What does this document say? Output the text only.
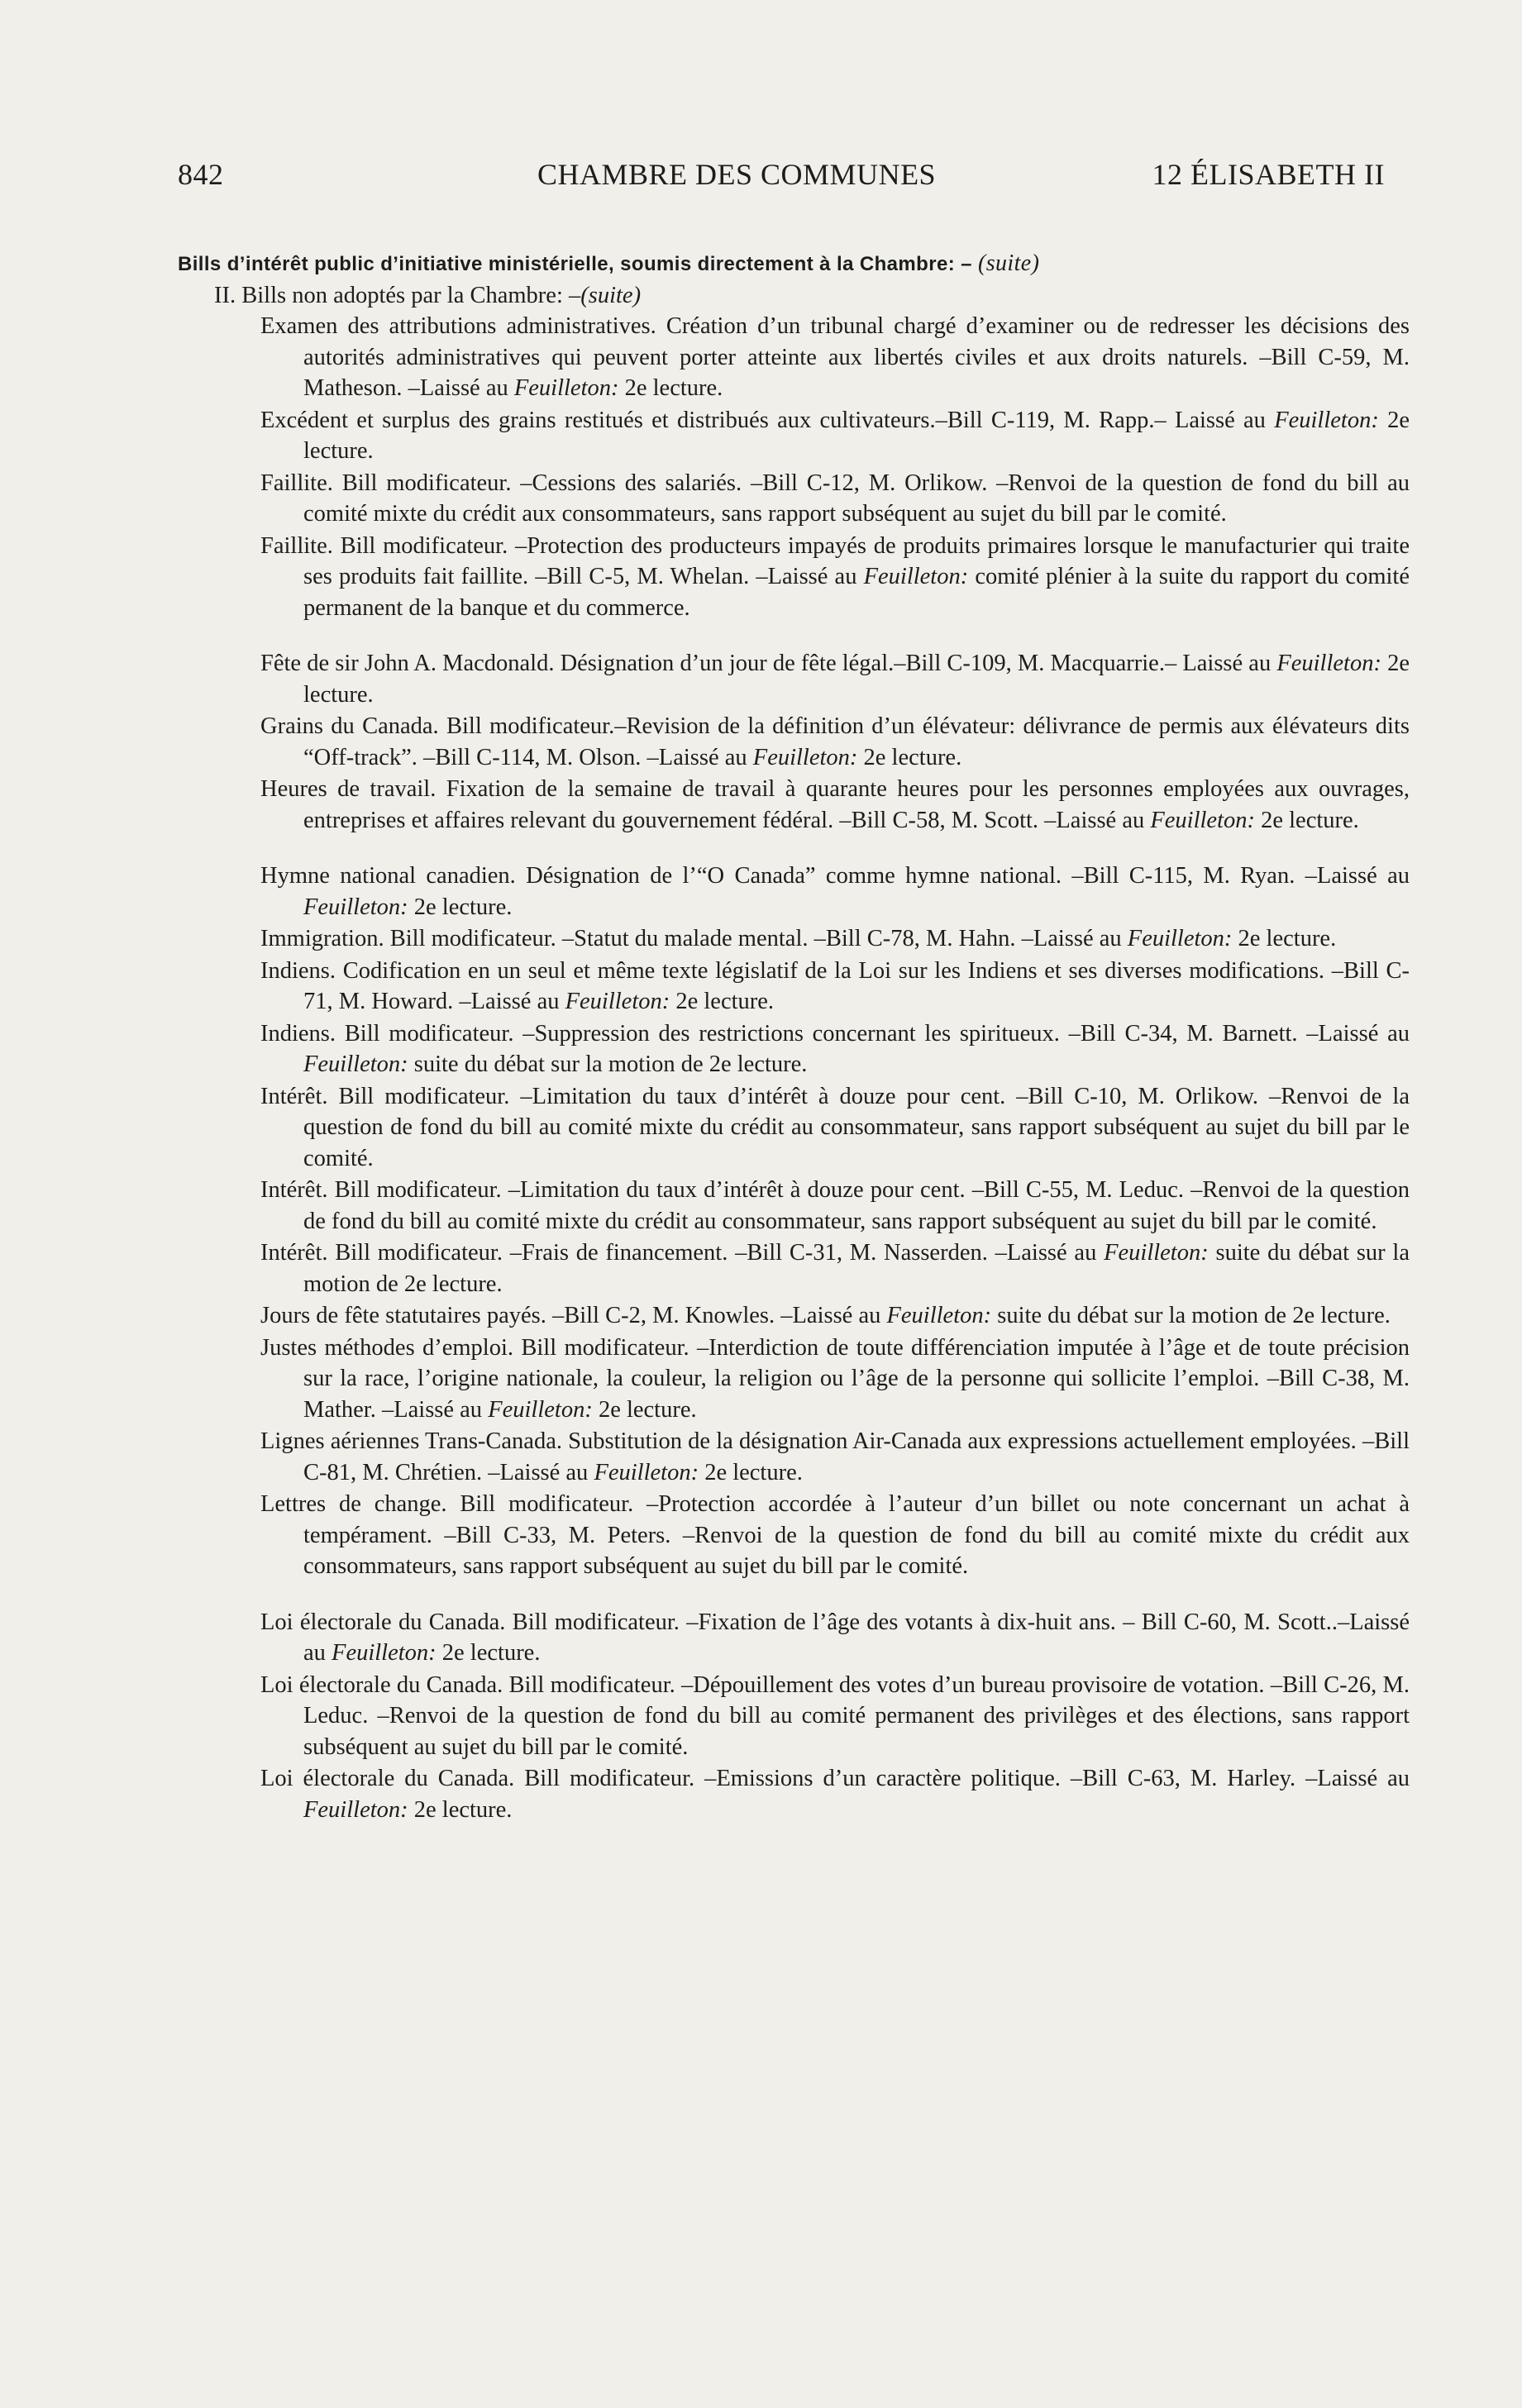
842	CHAMBRE DES COMMUNES	12 ÉLISABETH II
Bills d’intérêt public d’initiative ministérielle, soumis directement à la Chambre: – (suite)
II. Bills non adoptés par la Chambre: –(suite)
Examen des attributions administratives. Création d’un tribunal chargé d’examiner ou de redresser les décisions des autorités administratives qui peuvent porter atteinte aux libertés civiles et aux droits naturels. –Bill C-59, M. Matheson. –Laissé au Feuilleton: 2e lecture.
Excédent et surplus des grains restitués et distribués aux cultivateurs.–Bill C-119, M. Rapp.– Laissé au Feuilleton: 2e lecture.
Faillite. Bill modificateur. –Cessions des salariés. –Bill C-12, M. Orlikow. –Renvoi de la question de fond du bill au comité mixte du crédit aux consommateurs, sans rapport subséquent au sujet du bill par le comité.
Faillite. Bill modificateur. –Protection des producteurs impayés de produits primaires lorsque le manufacturier qui traite ses produits fait faillite. –Bill C-5, M. Whelan. –Laissé au Feuilleton: comité plénier à la suite du rapport du comité permanent de la banque et du commerce.
Fête de sir John A. Macdonald. Désignation d’un jour de fête légal.–Bill C-109, M. Macquarrie.– Laissé au Feuilleton: 2e lecture.
Grains du Canada. Bill modificateur.–Revision de la définition d’un élévateur: délivrance de permis aux élévateurs dits “Off-track”. –Bill C-114, M. Olson. –Laissé au Feuilleton: 2e lecture.
Heures de travail. Fixation de la semaine de travail à quarante heures pour les personnes employées aux ouvrages, entreprises et affaires relevant du gouvernement fédéral. –Bill C-58, M. Scott. –Laissé au Feuilleton: 2e lecture.
Hymne national canadien. Désignation de l’“O Canada” comme hymne national. –Bill C-115, M. Ryan. –Laissé au Feuilleton: 2e lecture.
Immigration. Bill modificateur. –Statut du malade mental. –Bill C-78, M. Hahn. –Laissé au Feuilleton: 2e lecture.
Indiens. Codification en un seul et même texte législatif de la Loi sur les Indiens et ses diverses modifications. –Bill C-71, M. Howard. –Laissé au Feuilleton: 2e lecture.
Indiens. Bill modificateur. –Suppression des restrictions concernant les spiritueux. –Bill C-34, M. Barnett. –Laissé au Feuilleton: suite du débat sur la motion de 2e lecture.
Intérêt. Bill modificateur. –Limitation du taux d’intérêt à douze pour cent. –Bill C-10, M. Orlikow. –Renvoi de la question de fond du bill au comité mixte du crédit au consommateur, sans rapport subséquent au sujet du bill par le comité.
Intérêt. Bill modificateur. –Limitation du taux d’intérêt à douze pour cent. –Bill C-55, M. Leduc. –Renvoi de la question de fond du bill au comité mixte du crédit au consommateur, sans rapport subséquent au sujet du bill par le comité.
Intérêt. Bill modificateur. –Frais de financement. –Bill C-31, M. Nasserden. –Laissé au Feuilleton: suite du débat sur la motion de 2e lecture.
Jours de fête statutaires payés. –Bill C-2, M. Knowles. –Laissé au Feuilleton: suite du débat sur la motion de 2e lecture.
Justes méthodes d’emploi. Bill modificateur. –Interdiction de toute différenciation imputée à l’âge et de toute précision sur la race, l’origine nationale, la couleur, la religion ou l’âge de la personne qui sollicite l’emploi. –Bill C-38, M. Mather. –Laissé au Feuilleton: 2e lecture.
Lignes aériennes Trans-Canada. Substitution de la désignation Air-Canada aux expressions actuellement employées. –Bill C-81, M. Chrétien. –Laissé au Feuilleton: 2e lecture.
Lettres de change. Bill modificateur. –Protection accordée à l’auteur d’un billet ou note concernant un achat à tempérament. –Bill C-33, M. Peters. –Renvoi de la question de fond du bill au comité mixte du crédit aux consommateurs, sans rapport subséquent au sujet du bill par le comité.
Loi électorale du Canada. Bill modificateur. –Fixation de l’âge des votants à dix-huit ans. – Bill C-60, M. Scott..–Laissé au Feuilleton: 2e lecture.
Loi électorale du Canada. Bill modificateur. –Dépouillement des votes d’un bureau provisoire de votation. –Bill C-26, M. Leduc. –Renvoi de la question de fond du bill au comité permanent des privilèges et des élections, sans rapport subséquent au sujet du bill par le comité.
Loi électorale du Canada. Bill modificateur. –Emissions d’un caractère politique. –Bill C-63, M. Harley. –Laissé au Feuilleton: 2e lecture.
